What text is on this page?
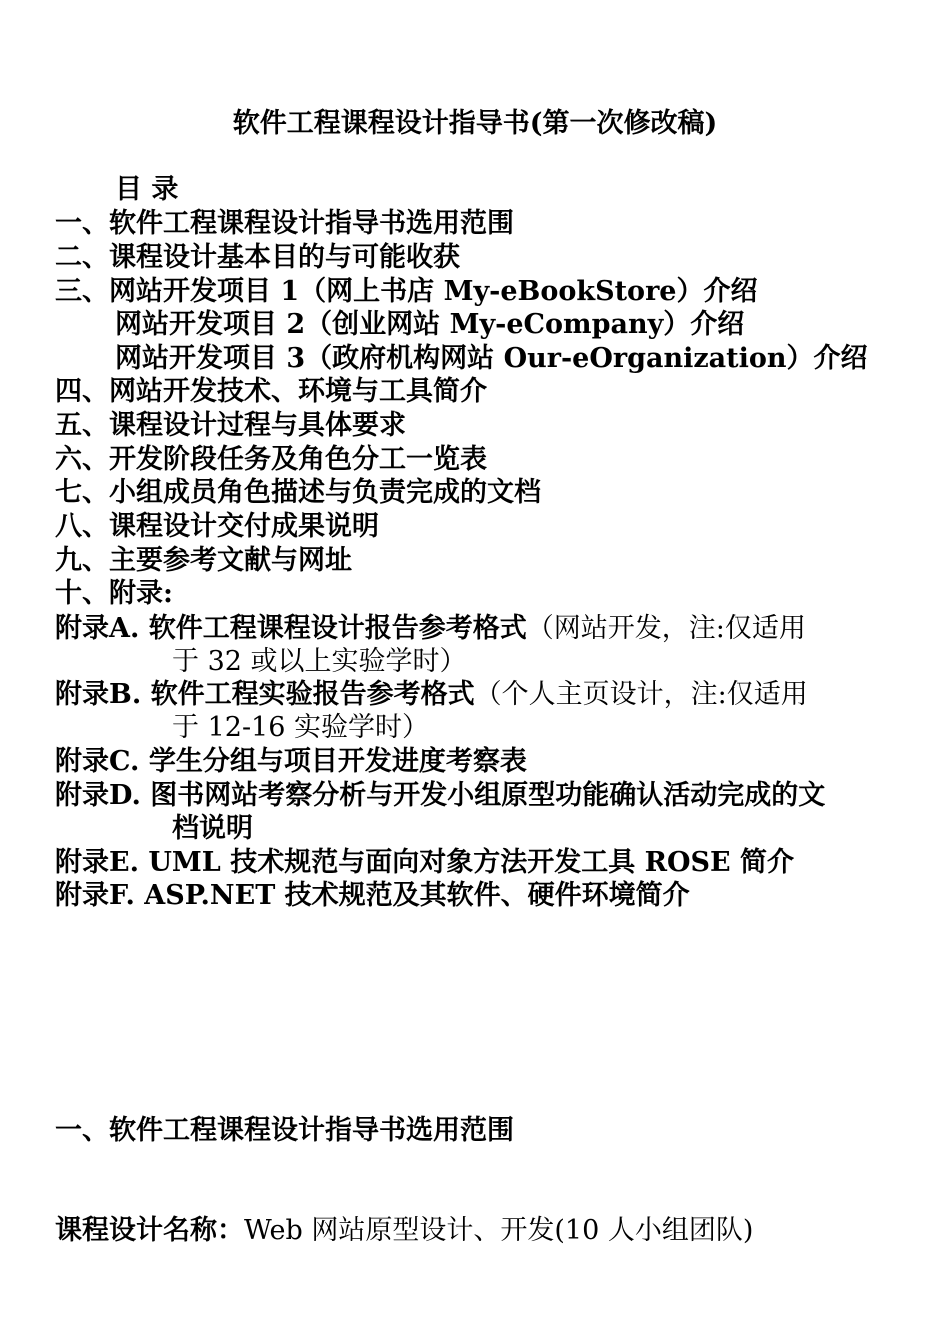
软件工程课程设计指导书(第一次修改稿)
目 录
一、软件工程课程设计指导书选用范围
二、课程设计基本目的与可能收获
三、网站开发项目 1（网上书店 My-eBookStore）介绍
网站开发项目 2（创业网站 My-eCompany）介绍
网站开发项目 3（政府机构网站 Our-eOrganization）介绍
四、网站开发技术、环境与工具简介
五、课程设计过程与具体要求
六、开发阶段任务及角色分工一览表
七、小组成员角色描述与负责完成的文档
八、课程设计交付成果说明
九、主要参考文献与网址
十、附录:
附录A. 软件工程课程设计报告参考格式（网站开发，注:仅适用
于 32 或以上实验学时）
附录B. 软件工程实验报告参考格式（个人主页设计，注:仅适用
于 12-16 实验学时）
附录C. 学生分组与项目开发进度考察表
附录D. 图书网站考察分析与开发小组原型功能确认活动完成的文
档说明
附录E. UML 技术规范与面向对象方法开发工具 ROSE 简介
附录F. ASP.NET 技术规范及其软件、硬件环境简介
一、软件工程课程设计指导书选用范围
课程设计名称：Web 网站原型设计、开发(10 人小组团队)
